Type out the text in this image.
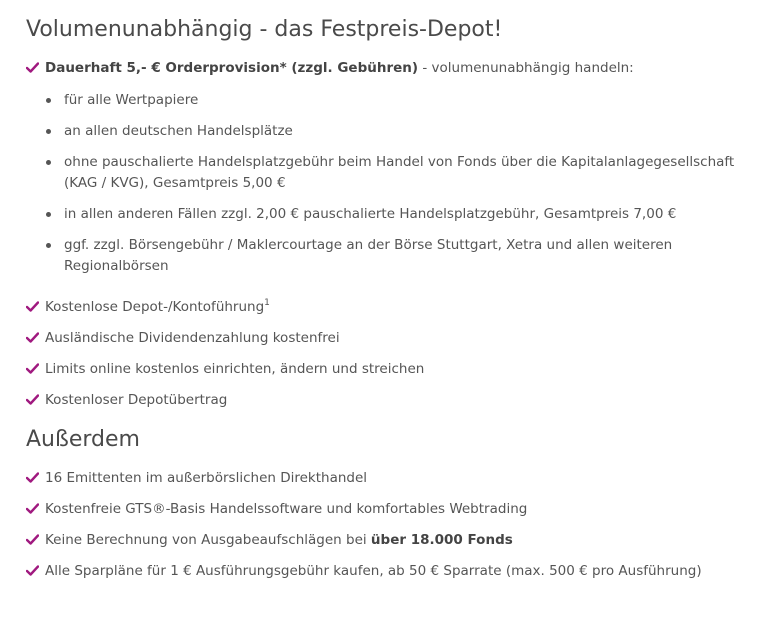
Volumenunabhängig - das Festpreis-Depot!
Dauerhaft 5,- € Orderprovision* (zzgl. Gebühren) - volumenunabhängig handeln:
für alle Wertpapiere
an allen deutschen Handelsplätze
ohne pauschalierte Handelsplatzgebühr beim Handel von Fonds über die Kapitalanlagegesellschaft (KAG / KVG), Gesamtpreis 5,00 €
in allen anderen Fällen zzgl. 2,00 € pauschalierte Handelsplatzgebühr, Gesamtpreis 7,00 €
ggf. zzgl. Börsengebühr / Maklercourtage an der Börse Stuttgart, Xetra und allen weiteren Regionalbörsen
Kostenlose Depot-/Kontoführung$^1$
Ausländische Dividendenzahlung kostenfrei
Limits online kostenlos einrichten, ändern und streichen
Kostenloser Depotübertrag
Außerdem
16 Emittenten im außerbörslichen Direkthandel
Kostenfreie GTS®-Basis Handelssoftware und komfortables Webtrading
Keine Berechnung von Ausgabeaufschlägen bei über 18.000 Fonds
Alle Sparpläne für 1 € Ausführungsgebühr kaufen, ab 50 € Sparrate (max. 500 € pro Ausführung)
